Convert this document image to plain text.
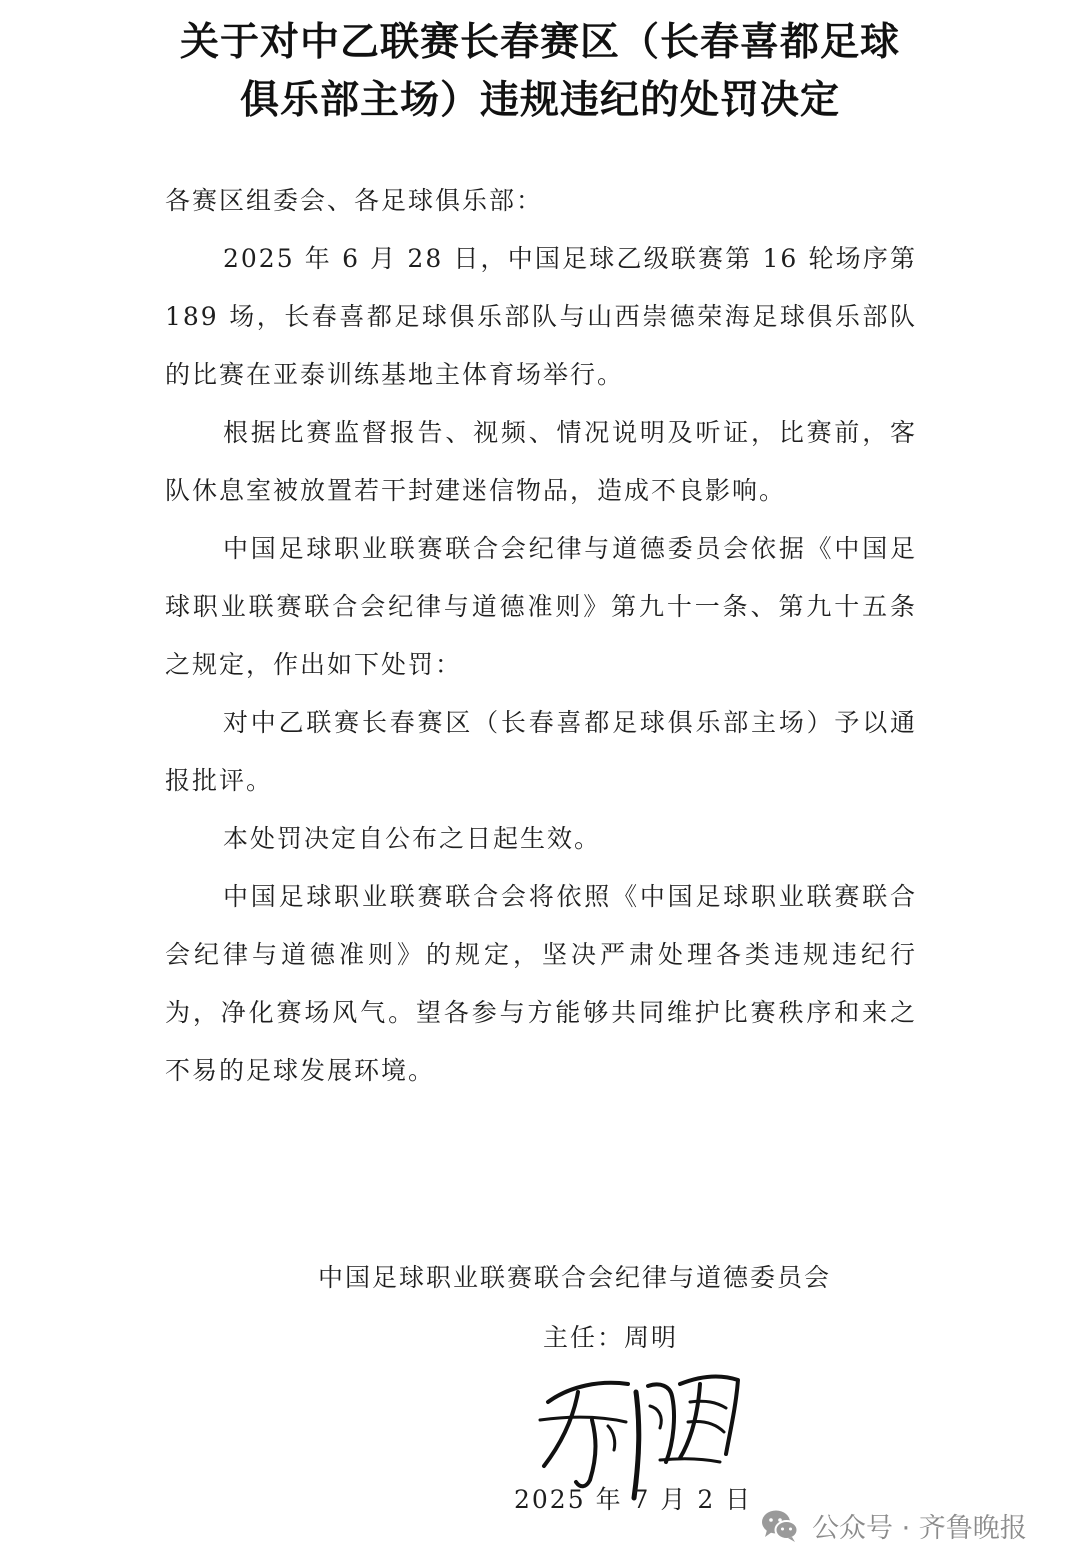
关于对中乙联赛长春赛区（长春喜都足球
俱乐部主场）违规违纪的处罚决定

各赛区组委会、各足球俱乐部：

2025 年 6 月 28 日，中国足球乙级联赛第 16 轮场序第 189 场，长春喜都足球俱乐部队与山西崇德荣海足球俱乐部队的比赛在亚泰训练基地主体育场举行。

根据比赛监督报告、视频、情况说明及听证，比赛前，客队休息室被放置若干封建迷信物品，造成不良影响。

中国足球职业联赛联合会纪律与道德委员会依据《中国足球职业联赛联合会纪律与道德准则》第九十一条、第九十五条之规定，作出如下处罚：

对中乙联赛长春赛区（长春喜都足球俱乐部主场）予以通报批评。

本处罚决定自公布之日起生效。

中国足球职业联赛联合会将依照《中国足球职业联赛联合会纪律与道德准则》的规定，坚决严肃处理各类违规违纪行为，净化赛场风气。望各参与方能够共同维护比赛秩序和来之不易的足球发展环境。

中国足球职业联赛联合会纪律与道德委员会
主任：周明
2025 年 7 月 2 日
公众号 · 齐鲁晚报
